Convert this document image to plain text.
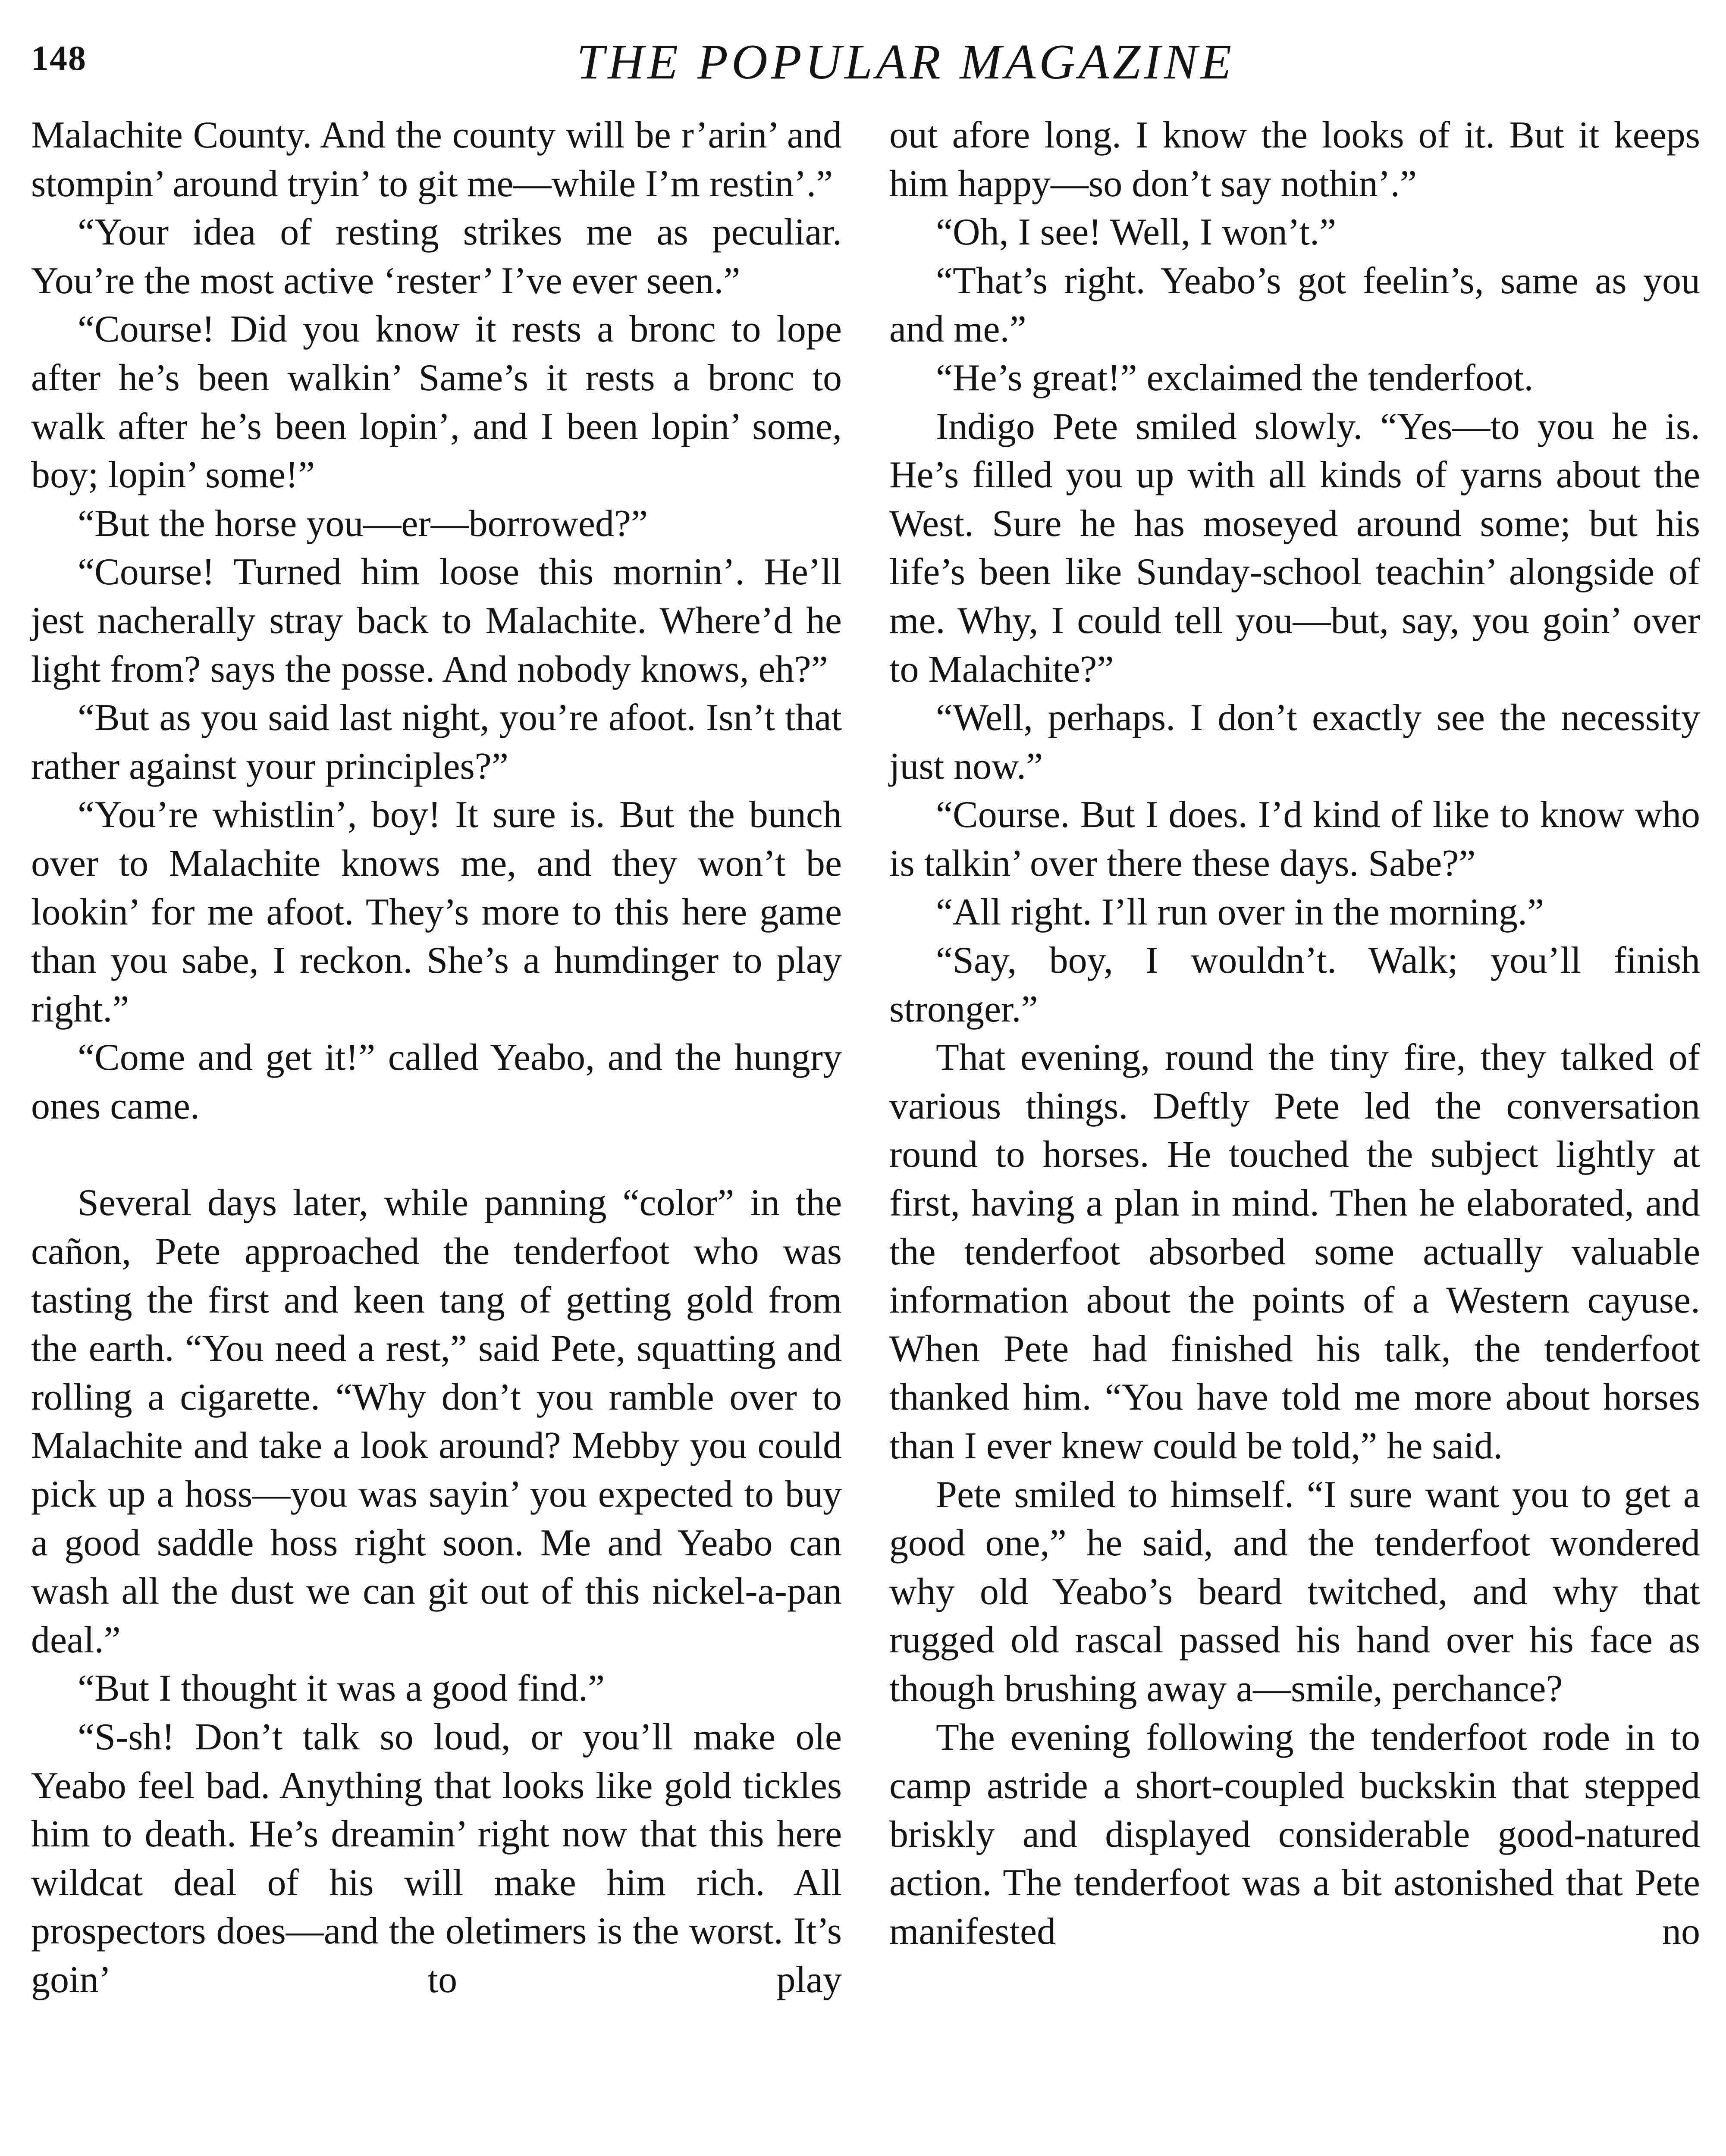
148	THE POPULAR MAGAZINE

Malachite County. And the county will be r’arin’ and stompin’ around tryin’ to git me—while I’m restin’.”

“Your idea of resting strikes me as peculiar. You’re the most active ‘rester’ I’ve ever seen.”

“Course! Did you know it rests a bronc to lope after he’s been walkin’ Same’s it rests a bronc to walk after he’s been lopin’, and I been lopin’ some, boy; lopin’ some!”

“But the horse you—er—borrowed?”

“Course! Turned him loose this mornin’. He’ll jest nacherally stray back to Malachite. Where’d he light from? says the posse. And nobody knows, eh?”

“But as you said last night, you’re afoot. Isn’t that rather against your principles?”

“You’re whistlin’, boy! It sure is. But the bunch over to Malachite knows me, and they won’t be lookin’ for me afoot. They’s more to this here game than you sabe, I reckon. She’s a humdinger to play right.”

“Come and get it!” called Yeabo, and the hungry ones came.

Several days later, while panning “color” in the cañon, Pete approached the tenderfoot who was tasting the first and keen tang of getting gold from the earth. “You need a rest,” said Pete, squatting and rolling a cigarette. “Why don’t you ramble over to Malachite and take a look around? Mebby you could pick up a hoss—you was sayin’ you expected to buy a good saddle hoss right soon. Me and Yeabo can wash all the dust we can git out of this nickel-a-pan deal.”

“But I thought it was a good find.”

“S-sh! Don’t talk so loud, or you’ll make ole Yeabo feel bad. Anything that looks like gold tickles him to death. He’s dreamin’ right now that this here wildcat deal of his will make him rich. All prospectors does—and the oletimers is the worst. It’s goin’ to play

out afore long. I know the looks of it. But it keeps him happy—so don’t say nothin’.”

“Oh, I see! Well, I won’t.”

“That’s right. Yeabo’s got feelin’s, same as you and me.”

“He’s great!” exclaimed the tenderfoot.

Indigo Pete smiled slowly. “Yes—to you he is. He’s filled you up with all kinds of yarns about the West. Sure he has moseyed around some; but his life’s been like Sunday-school teachin’ alongside of me. Why, I could tell you—but, say, you goin’ over to Malachite?”

“Well, perhaps. I don’t exactly see the necessity just now.”

“Course. But I does. I’d kind of like to know who is talkin’ over there these days. Sabe?”

“All right. I’ll run over in the morning.”

“Say, boy, I wouldn’t. Walk; you’ll finish stronger.”

That evening, round the tiny fire, they talked of various things. Deftly Pete led the conversation round to horses. He touched the subject lightly at first, having a plan in mind. Then he elaborated, and the tenderfoot absorbed some actually valuable information about the points of a Western cayuse. When Pete had finished his talk, the tenderfoot thanked him. “You have told me more about horses than I ever knew could be told,” he said.

Pete smiled to himself. “I sure want you to get a good one,” he said, and the tenderfoot wondered why old Yeabo’s beard twitched, and why that rugged old rascal passed his hand over his face as though brushing away a—smile, perchance?

The evening following the tenderfoot rode in to camp astride a short-coupled buckskin that stepped briskly and displayed considerable good-natured action. The tenderfoot was a bit astonished that Pete manifested no
